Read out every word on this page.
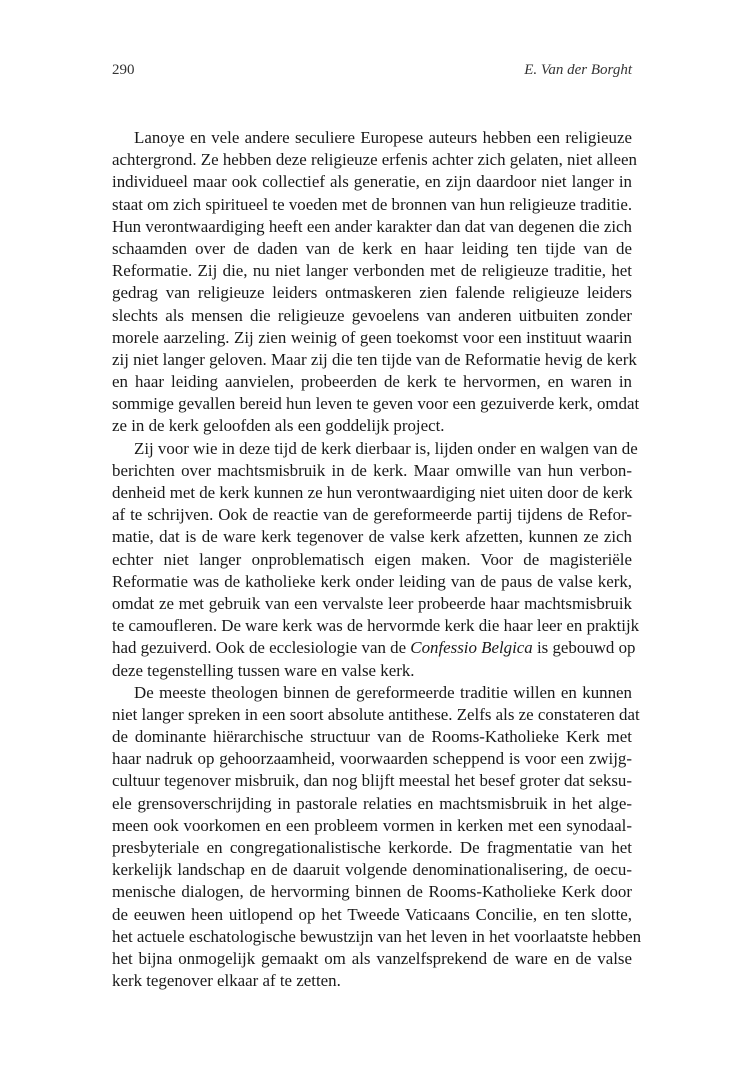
290	E. Van der Borght
Lanoye en vele andere seculiere Europese auteurs hebben een religieuze
achtergrond. Ze hebben deze religieuze erfenis achter zich gelaten, niet alleen
individueel maar ook collectief als generatie, en zijn daardoor niet langer in
staat om zich spiritueel te voeden met de bronnen van hun religieuze traditie.
Hun verontwaardiging heeft een ander karakter dan dat van degenen die zich
schaamden over de daden van de kerk en haar leiding ten tijde van de
Reformatie. Zij die, nu niet langer verbonden met de religieuze traditie, het
gedrag van religieuze leiders ontmaskeren zien falende religieuze leiders
slechts als mensen die religieuze gevoelens van anderen uitbuiten zonder
morele aarzeling. Zij zien weinig of geen toekomst voor een instituut waarin
zij niet langer geloven. Maar zij die ten tijde van de Reformatie hevig de kerk
en haar leiding aanvielen, probeerden de kerk te hervormen, en waren in
sommige gevallen bereid hun leven te geven voor een gezuiverde kerk, omdat
ze in de kerk geloofden als een goddelijk project.
Zij voor wie in deze tijd de kerk dierbaar is, lijden onder en walgen van de
berichten over machtsmisbruik in de kerk. Maar omwille van hun verbon-
denheid met de kerk kunnen ze hun verontwaardiging niet uiten door de kerk
af te schrijven. Ook de reactie van de gereformeerde partij tijdens de Refor-
matie, dat is de ware kerk tegenover de valse kerk afzetten, kunnen ze zich
echter niet langer onproblematisch eigen maken. Voor de magisteriële
Reformatie was de katholieke kerk onder leiding van de paus de valse kerk,
omdat ze met gebruik van een vervalste leer probeerde haar machtsmisbruik
te camoufleren. De ware kerk was de hervormde kerk die haar leer en praktijk
had gezuiverd. Ook de ecclesiologie van de Confessio Belgica is gebouwd op
deze tegenstelling tussen ware en valse kerk.
De meeste theologen binnen de gereformeerde traditie willen en kunnen
niet langer spreken in een soort absolute antithese. Zelfs als ze constateren dat
de dominante hiërarchische structuur van de Rooms-Katholieke Kerk met
haar nadruk op gehoorzaamheid, voorwaarden scheppend is voor een zwijg-
cultuur tegenover misbruik, dan nog blijft meestal het besef groter dat seksu-
ele grensoverschrijding in pastorale relaties en machtsmisbruik in het alge-
meen ook voorkomen en een probleem vormen in kerken met een synodaal-
presbyteriale en congregationalistische kerkorde. De fragmentatie van het
kerkelijk landschap en de daaruit volgende denominationalisering, de oecu-
menische dialogen, de hervorming binnen de Rooms-Katholieke Kerk door
de eeuwen heen uitlopend op het Tweede Vaticaans Concilie, en ten slotte,
het actuele eschatologische bewustzijn van het leven in het voorlaatste hebben
het bijna onmogelijk gemaakt om als vanzelfsprekend de ware en de valse
kerk tegenover elkaar af te zetten.
